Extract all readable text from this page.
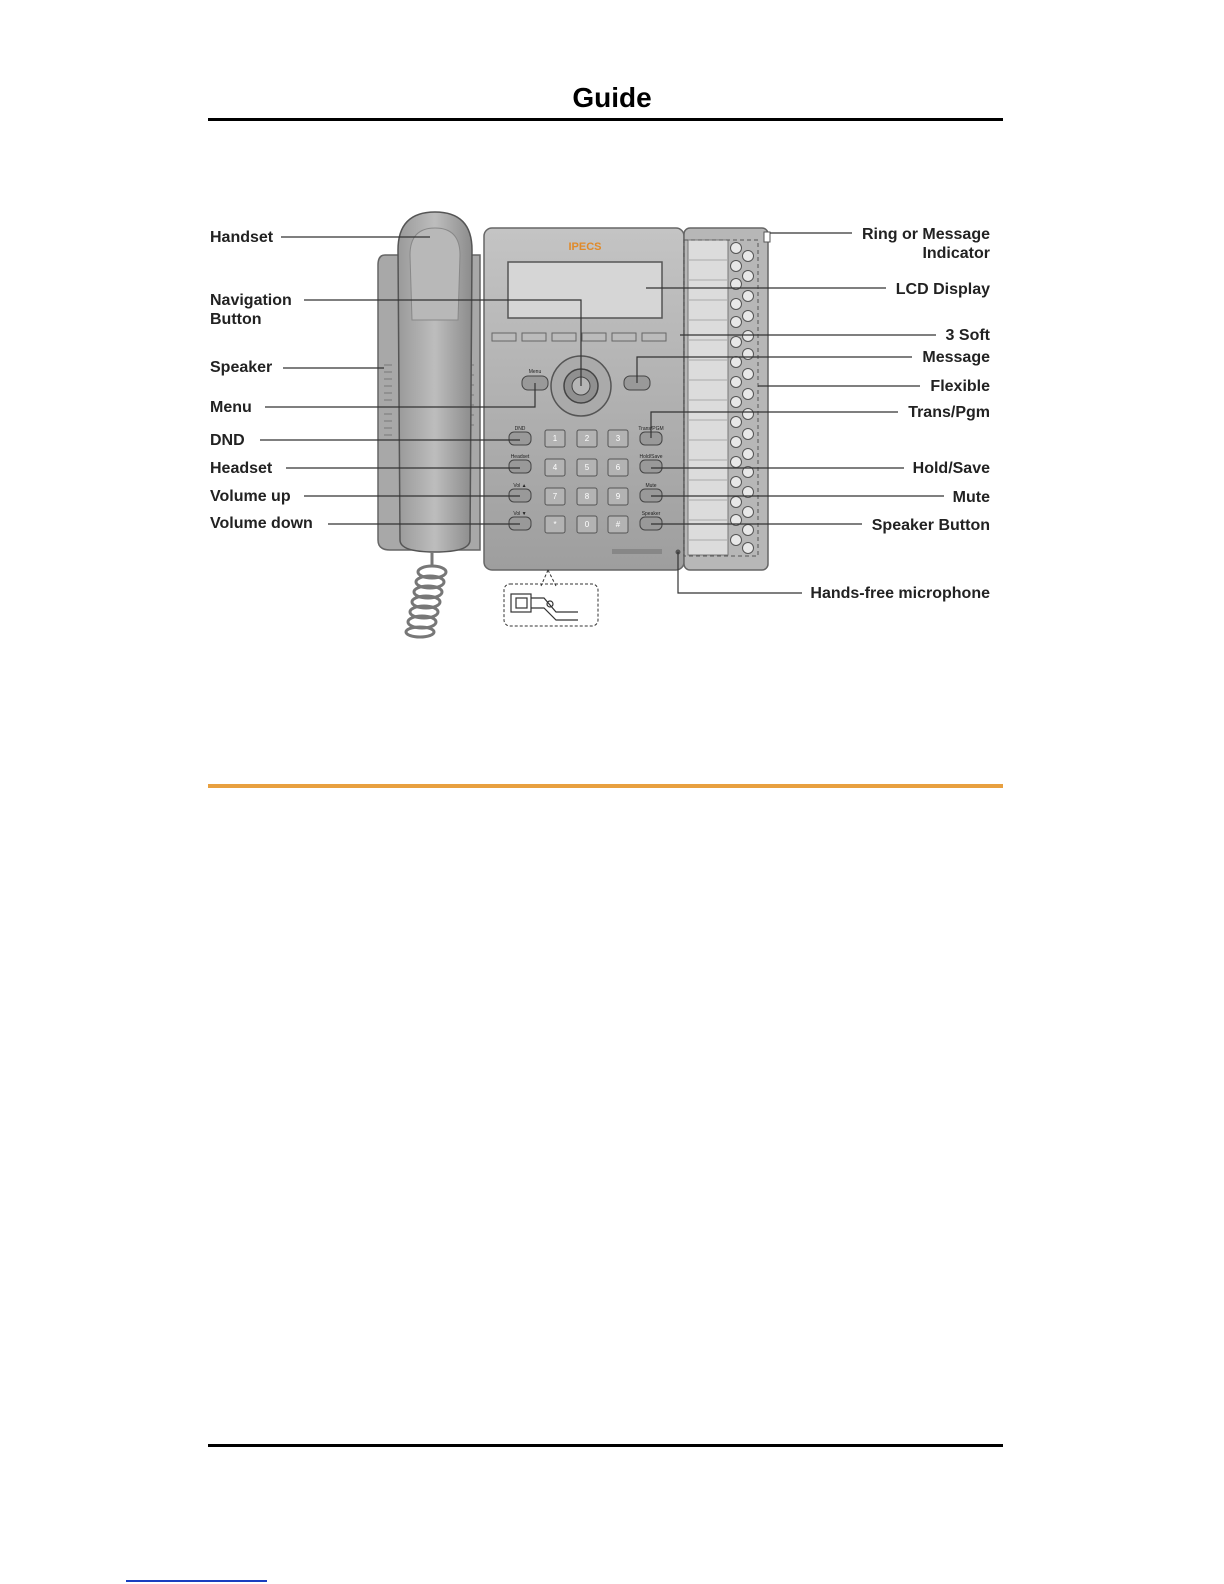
Guide
IPECS
1	2	3
4	5	6
7	8	9
*	0	#
Menu
DND
Headset
Vol ▲
Vol ▼
Trans/PGM
Hold/Save
Mute
Speaker
Handset
Navigation
Button
Speaker
Menu
DND
Headset
Volume up
Volume down
Ring or Message
Indicator
LCD Display
3 Soft
Message
Flexible
Trans/Pgm
Hold/Save
Mute
Speaker Button
Hands-free microphone
